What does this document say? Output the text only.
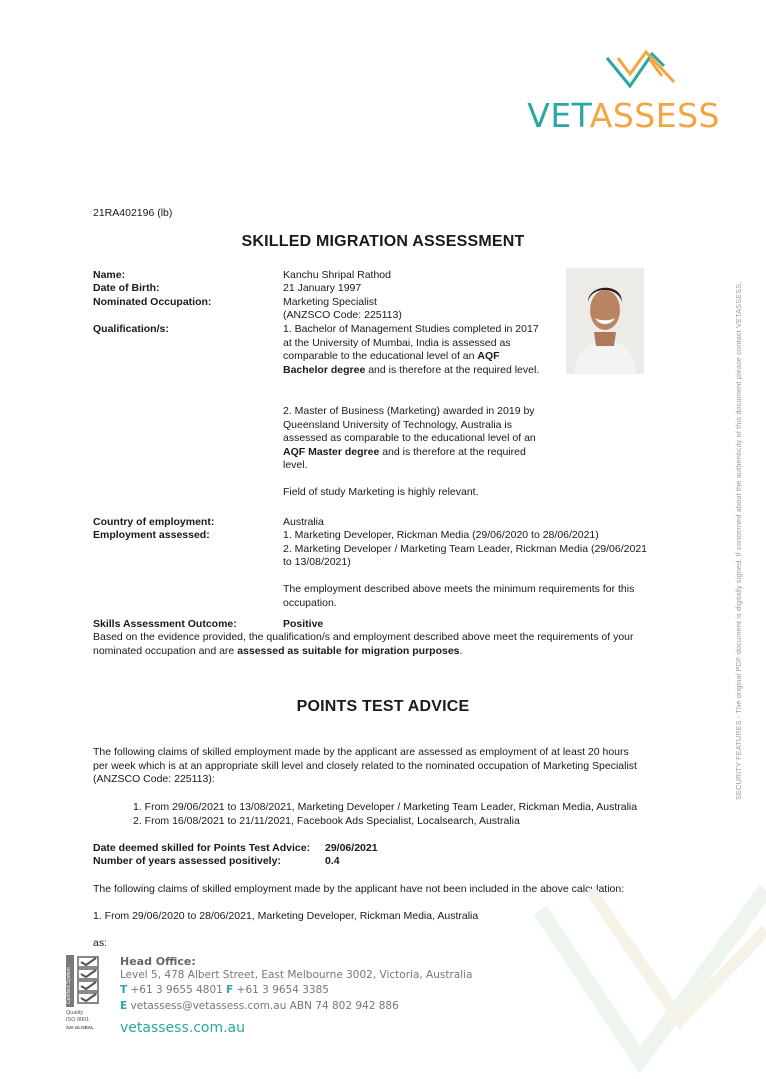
VETASSESS
SECURITY FEATURES - The original PDF document is digitally signed. If concerned about the authenticity of this document please contact VETASSESS.
21RA402196 (lb)
SKILLED MIGRATION ASSESSMENT
Name:
Date of Birth:
Nominated Occupation:
Qualification/s:
Kanchu Shripal Rathod
21 January 1997
Marketing Specialist
(ANZSCO Code: 225113)
1. Bachelor of Management Studies completed in 2017
at the University of Mumbai, India is assessed as
comparable to the educational level of an AQF
Bachelor degree and is therefore at the required level.
2. Master of Business (Marketing) awarded in 2019 by
Queensland University of Technology, Australia is
assessed as comparable to the educational level of an
AQF Master degree and is therefore at the required
level.
Field of study Marketing is highly relevant.
Country of employment:
Employment assessed:
Australia
1. Marketing Developer, Rickman Media (29/06/2020 to 28/06/2021)
2. Marketing Developer / Marketing Team Leader, Rickman Media (29/06/2021
to 13/08/2021)
The employment described above meets the minimum requirements for this
occupation.
Skills Assessment Outcome:	Positive
Based on the evidence provided, the qualification/s and employment described above meet the requirements of your
nominated occupation and are assessed as suitable for migration purposes.
POINTS TEST ADVICE
The following claims of skilled employment made by the applicant are assessed as employment of at least 20 hours
per week which is at an appropriate skill level and closely related to the nominated occupation of Marketing Specialist
(ANZSCO Code: 225113):
1. From 29/06/2021 to 13/08/2021, Marketing Developer / Marketing Team Leader, Rickman Media, Australia
2. From 16/08/2021 to 21/11/2021, Facebook Ads Specialist, Localsearch, Australia
Date deemed skilled for Points Test Advice: 29/06/2021
Number of years assessed positively:	0.4
The following claims of skilled employment made by the applicant have not been included in the above calculation:
1. From 29/06/2020 to 28/06/2021, Marketing Developer, Rickman Media, Australia
as:
Certified System
Quality
ISO 9001
SAI GLOBAL
Head Office:
Level 5, 478 Albert Street, East Melbourne 3002, Victoria, Australia
T +61 3 9655 4801 F +61 3 9654 3385
E vetassess@vetassess.com.au ABN 74 802 942 886
vetassess.com.au
